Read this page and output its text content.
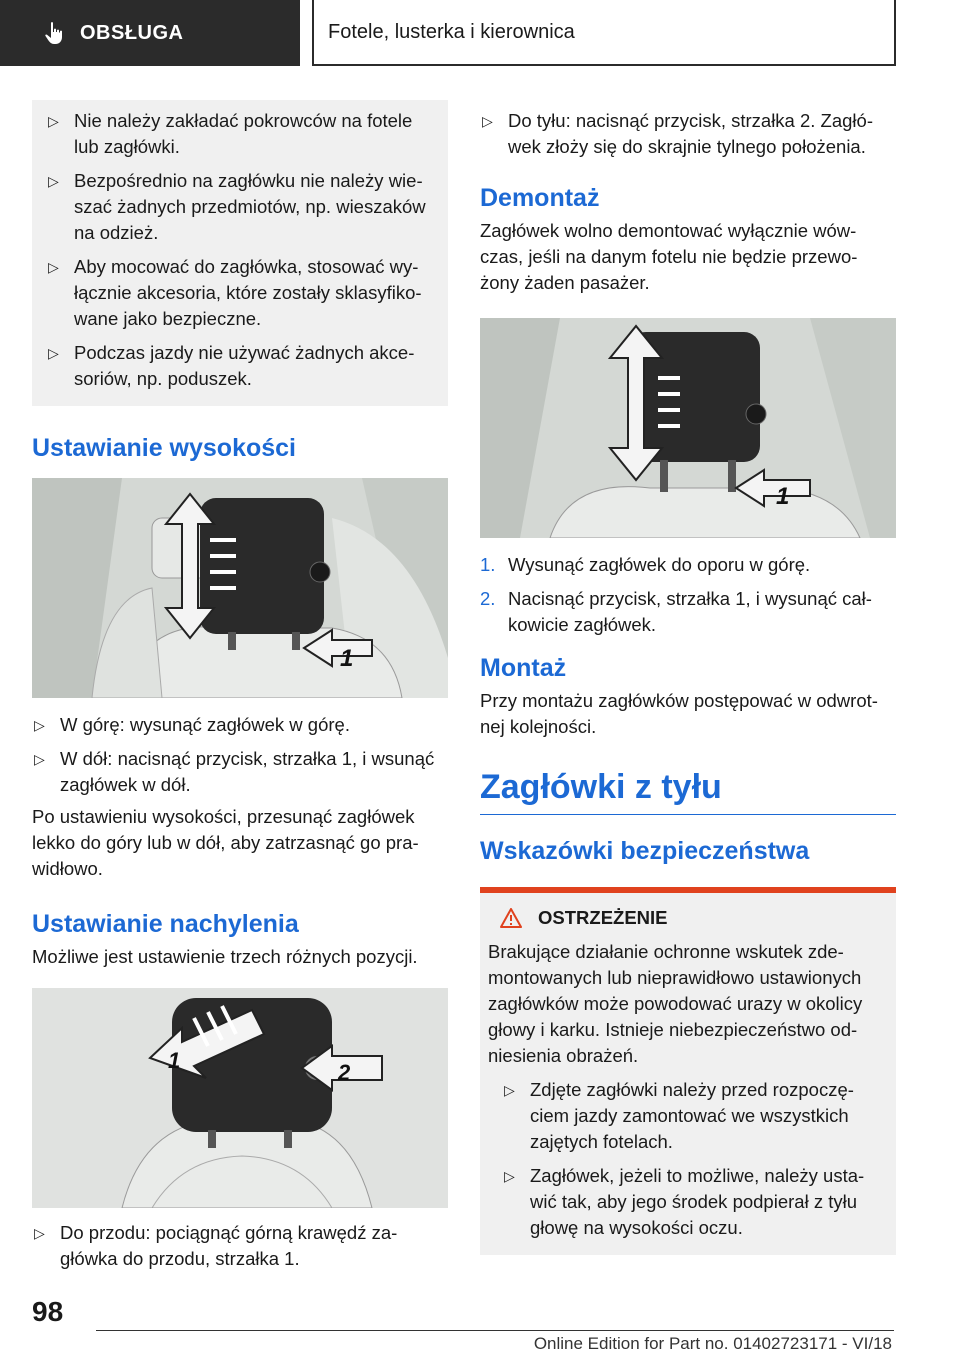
OBSŁUGA	Fotele, lusterka i kierownica
▷ Nie należy zakładać pokrowców na fotele lub zagłówki.
▷ Bezpośrednio na zagłówku nie należy wie-szać żadnych przedmiotów, np. wieszaków na odzież.
▷ Aby mocować do zagłówka, stosować wy-łącznie akcesoria, które zostały sklasyfiko-wane jako bezpieczne.
▷ Podczas jazdy nie używać żadnych akce-soriów, np. poduszek.
Ustawianie wysokości
1
▷ W górę: wysunąć zagłówek w górę.
▷ W dół: nacisnąć przycisk, strzałka 1, i wsunąć zagłówek w dół.
Po ustawieniu wysokości, przesunąć zagłówek lekko do góry lub w dół, aby zatrzasnąć go pra-widłowo.
Ustawianie nachylenia
Możliwe jest ustawienie trzech różnych pozycji.
1	2
▷ Do przodu: pociągnąć górną krawędź za-główka do przodu, strzałka 1.
▷ Do tyłu: nacisnąć przycisk, strzałka 2. Zagłó-wek złoży się do skrajnie tylnego położenia.
Demontaż
Zagłówek wolno demontować wyłącznie wów-czas, jeśli na danym fotelu nie będzie przewo-żony żaden pasażer.
1
1. Wysunąć zagłówek do oporu w górę.
2. Nacisnąć przycisk, strzałka 1, i wysunąć cał-kowicie zagłówek.
Montaż
Przy montażu zagłówków postępować w odwrot-nej kolejności.
Zagłówki z tyłu
Wskazówki bezpieczeństwa
OSTRZEŻENIE
Brakujące działanie ochronne wskutek zde-montowanych lub nieprawidłowo ustawionych zagłówków może powodować urazy w okolicy głowy i karku. Istnieje niebezpieczeństwo od-niesienia obrażeń.
▷ Zdjęte zagłówki należy przed rozpoczę-ciem jazdy zamontować we wszystkich zajętych fotelach.
▷ Zagłówek, jeżeli to możliwe, należy usta-wić tak, aby jego środek podpierał z tyłu głowę na wysokości oczu.
98
Online Edition for Part no. 01402723171 - VI/18
